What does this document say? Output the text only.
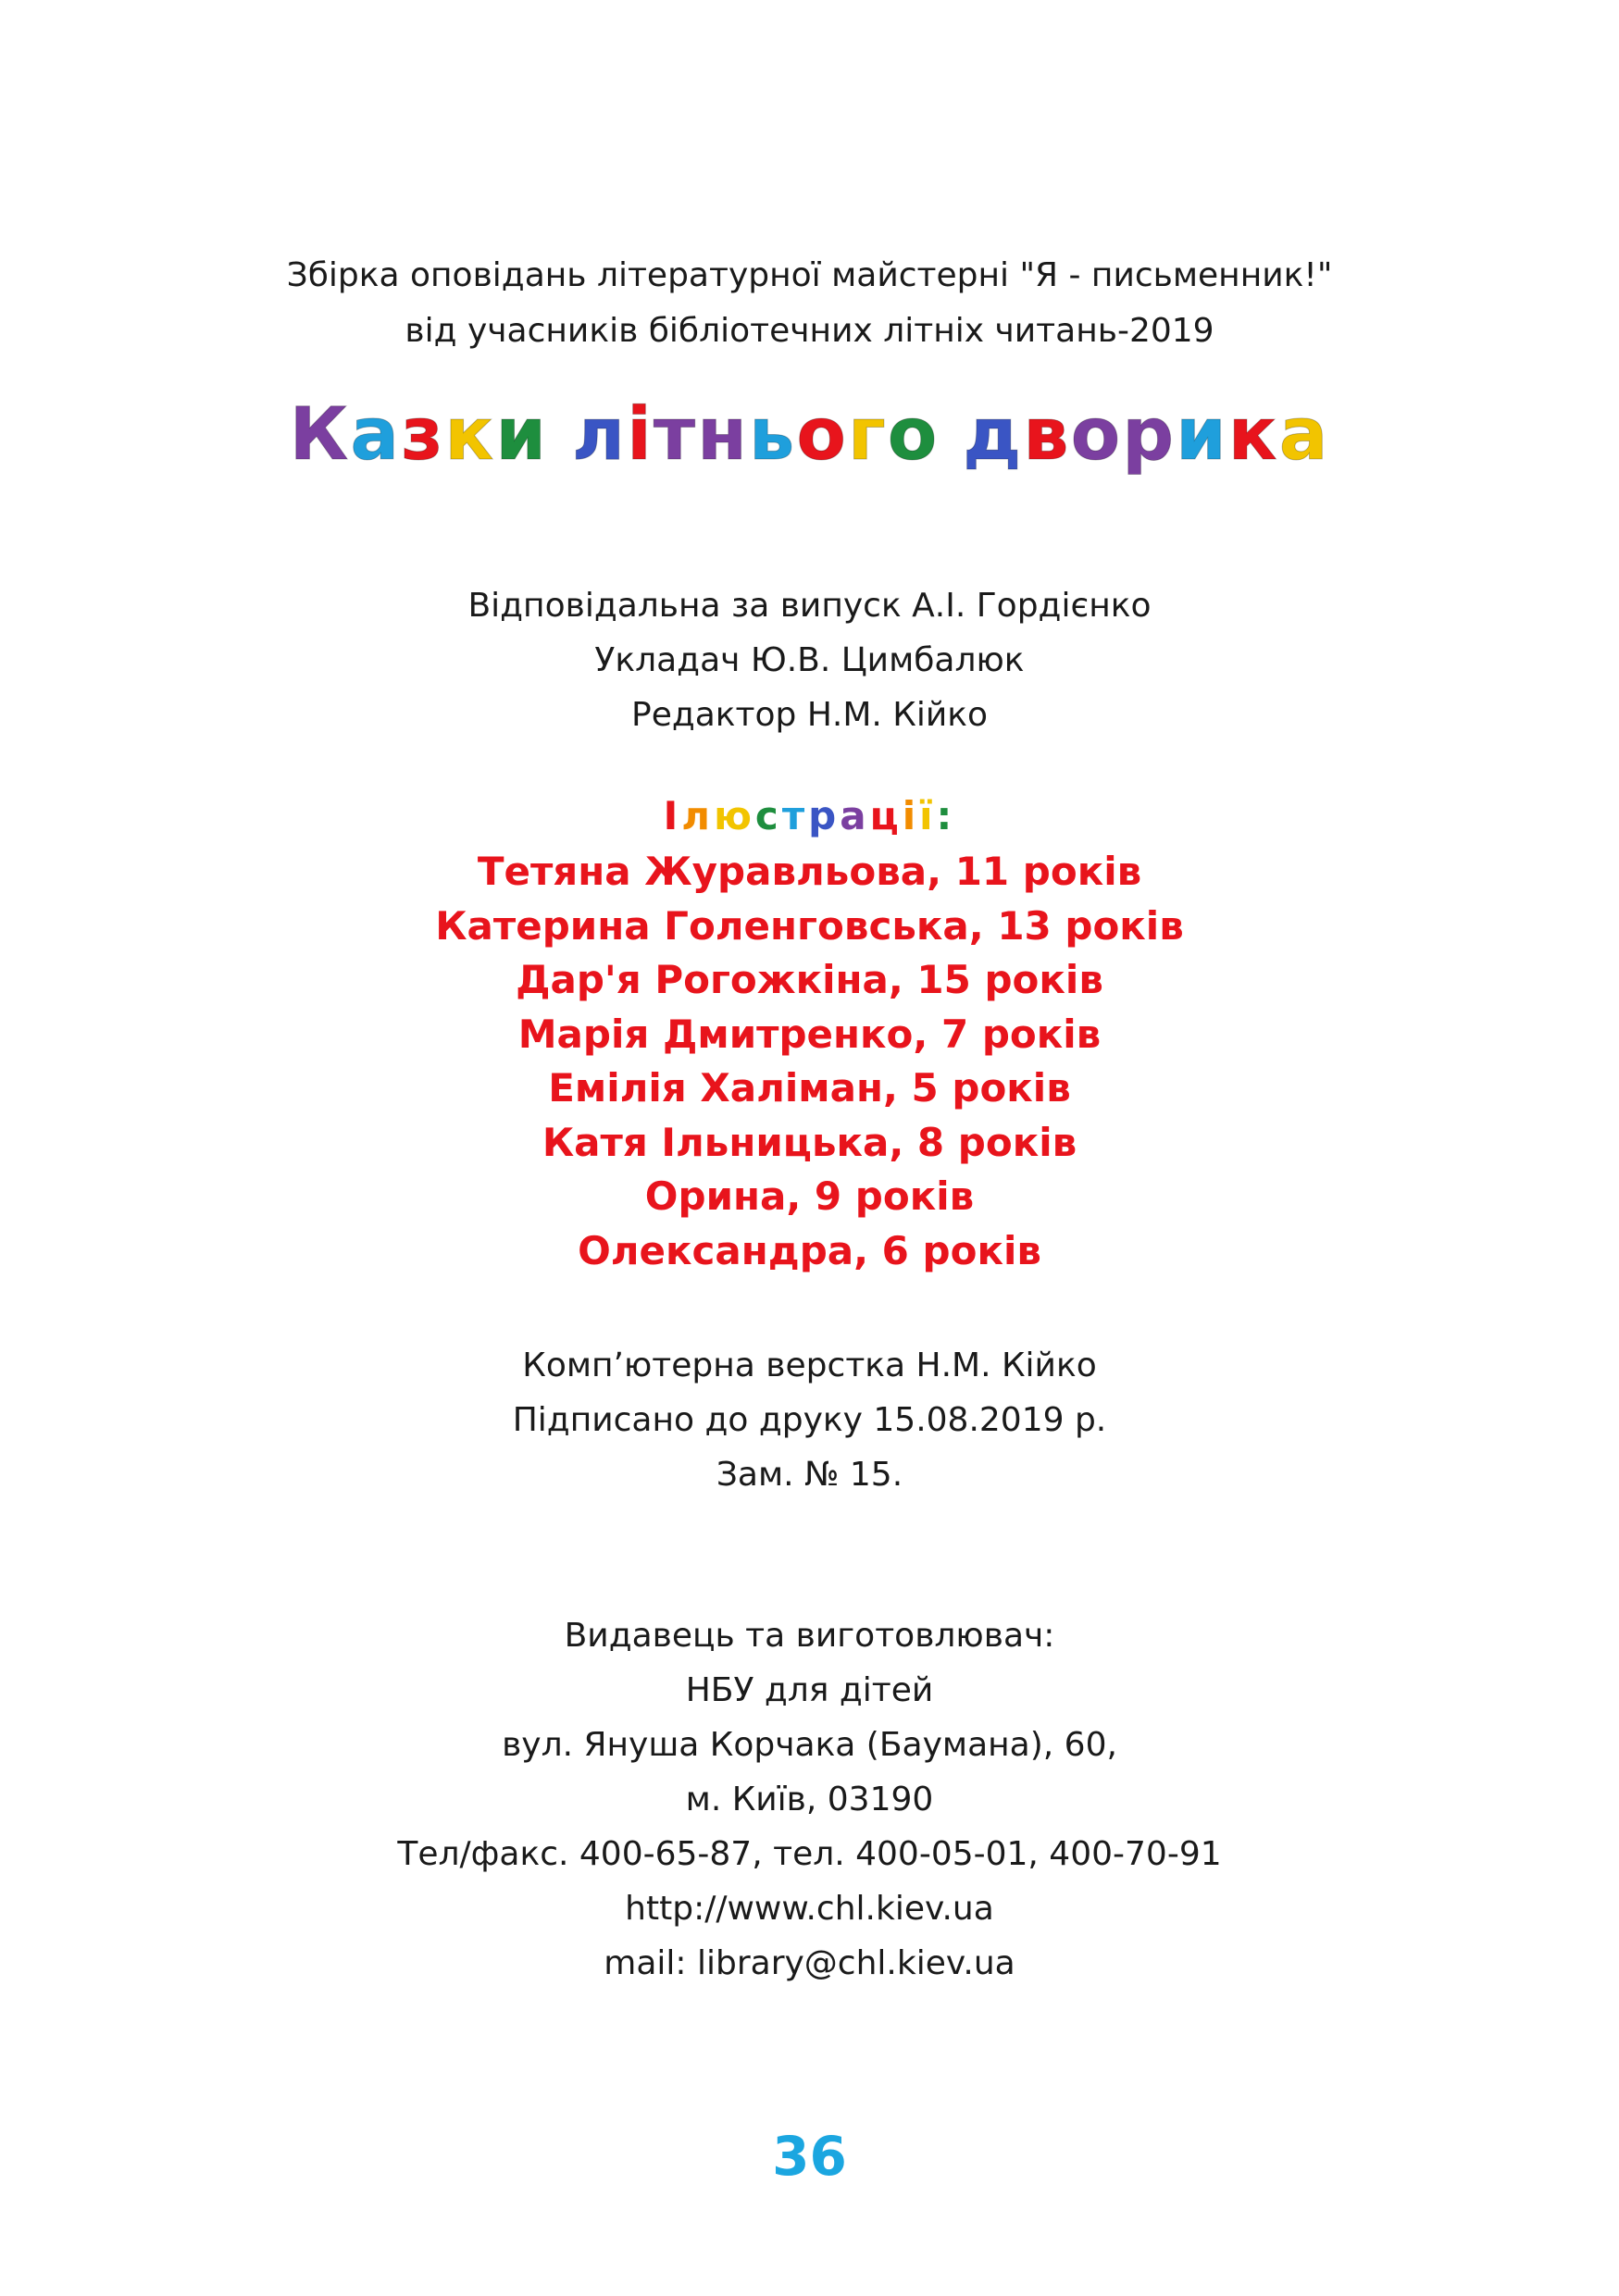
Збірка оповідань літературної майстерні "Я - письменник!"
від учасників бібліотечних літніх читань-2019
Казки літнього дворика
Відповідальна за випуск А.І. Гордієнко
Укладач Ю.В. Цимбалюк
Редактор Н.М. Кійко
Ілюстрації:
Тетяна Журавльова, 11 років
Катерина Голенговська, 13 років
Дар'я Рогожкіна, 15 років
Марія Дмитренко, 7 років
Емілія Халіман, 5 років
Катя Ільницька, 8 років
Орина, 9 років
Олександра, 6 років
Комп’ютерна верстка Н.М. Кійко
Підписано до друку 15.08.2019 р.
Зам. № 15.
Видавець та виготовлювач:
НБУ для дітей
вул. Януша Корчака (Баумана), 60,
м. Київ, 03190
Тел/факс. 400-65-87, тел. 400-05-01, 400-70-91
http://www.chl.kiev.ua
mail: library@chl.kiev.ua
36
